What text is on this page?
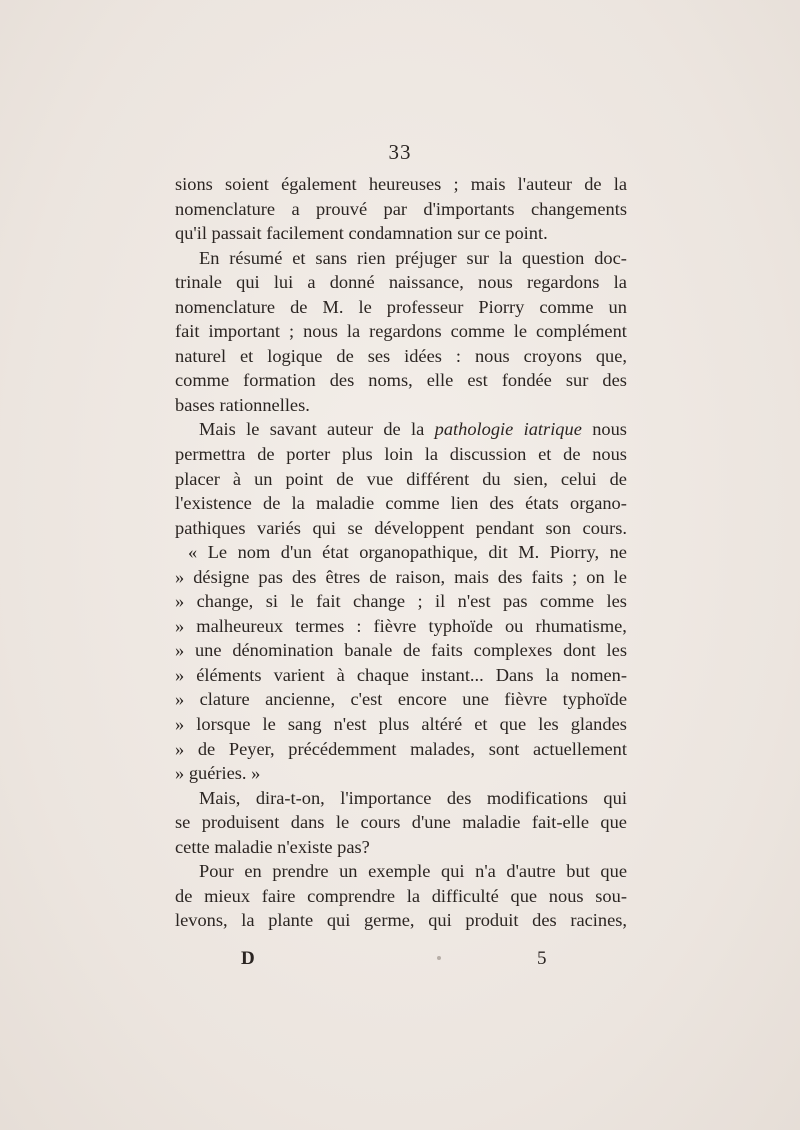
33
sions soient également heureuses ; mais l'auteur de la
nomenclature a prouvé par d'importants changements
qu'il
passait
facilement
condamnation
sur
ce
point.
En résumé et sans rien préjuger sur la question doc-
trinale qui lui a donné naissance, nous regardons la
nomenclature de M. le professeur Piorry comme un
fait important ; nous la regardons comme le complément
naturel et logique de ses idées : nous croyons que,
comme formation des noms, elle est fondée sur des
bases
rationnelles.
Mais le savant auteur de la pathologie iatrique nous
permettra de porter plus loin la discussion et de nous
placer à un point de vue différent du sien, celui de
l'existence de la maladie comme lien des états organo-
pathiques variés qui se développent pendant son cours.
« Le nom d'un état organopathique, dit M. Piorry, ne
» désigne pas des êtres de raison, mais des faits ; on le
» change, si le fait change ; il n'est pas comme les
» malheureux termes : fièvre typhoïde ou rhumatisme,
» une dénomination banale de faits complexes dont les
» éléments varient à chaque instant... Dans la nomen-
» clature ancienne, c'est encore une fièvre typhoïde
» lorsque le sang n'est plus altéré et que les glandes
» de Peyer, précédemment malades, sont actuellement
»
guéries.
»
Mais, dira-t-on, l'importance des modifications qui
se produisent dans le cours d'une maladie fait-elle que
cette
maladie
n'existe
pas?
Pour en prendre un exemple qui n'a d'autre but que
de mieux faire comprendre la difficulté que nous sou-
levons, la plante qui germe, qui produit des racines,
D	5
